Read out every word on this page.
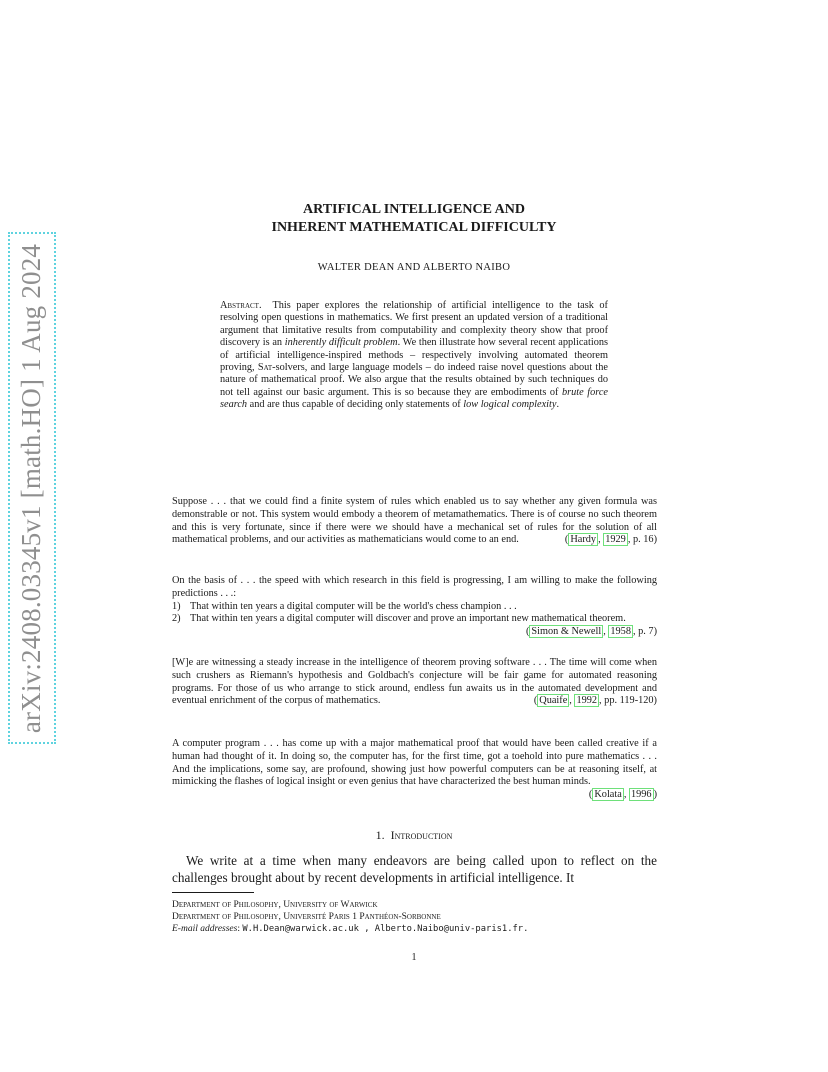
arXiv:2408.03345v1 [math.HO] 1 Aug 2024
ARTIFICAL INTELLIGENCE AND
INHERENT MATHEMATICAL DIFFICULTY
WALTER DEAN AND ALBERTO NAIBO

Abstract. This paper explores the relationship of artificial intelligence to the task of resolving open questions in mathematics. We first present an updated version of a traditional argument that limitative results from computability and complexity theory show that proof discovery is an inherently difficult problem. We then illustrate how several recent applications of artificial intelligence-inspired methods – respectively involving automated theorem proving, Sat-solvers, and large language models – do indeed raise novel questions about the nature of mathematical proof. We also argue that the results obtained by such techniques do not tell against our basic argument. This is so because they are embodiments of brute force search and are thus capable of deciding only statements of low logical complexity.

Suppose . . . that we could find a finite system of rules which enabled us to say whether any given formula was demonstrable or not. This system would embody a theorem of metamathematics. There is of course no such theorem and this is very fortunate, since if there were we should have a mechanical set of rules for the solution of all mathematical problems, and our activities as mathematicians would come to an end.	( Hardy , 1929 , p. 16)

On the basis of . . . the speed with which research in this field is progressing, I am willing to make the following predictions . . .:
1) That within ten years a digital computer will be the world's chess champion . . .
2) That within ten years a digital computer will discover and prove an important new mathematical theorem.
( Simon & Newell , 1958 , p. 7)

[W]e are witnessing a steady increase in the intelligence of theorem proving software . . . The time will come when such crushers as Riemann's hypothesis and Goldbach's conjecture will be fair game for automated reasoning programs. For those of us who arrange to stick around, endless fun awaits us in the automated development and eventual enrichment of the corpus of mathematics.	( Quaife , 1992 , pp. 119-120)

A computer program . . . has come up with a major mathematical proof that would have been called creative if a human had thought of it. In doing so, the computer has, for the first time, got a toehold into pure mathematics . . . And the implications, some say, are profound, showing just how powerful computers can be at reasoning itself, at mimicking the flashes of logical insight or even genius that have characterized the best human minds.
( Kolata , 1996 )

1. Introduction

We write at a time when many endeavors are being called upon to reflect on the challenges brought about by recent developments in artificial intelligence. It

Department of Philosophy, University of Warwick

Department of Philosophy, Université Paris 1 Panthéon-Sorbonne

E-mail addresses: W.H.Dean@warwick.ac.uk , Alberto.Naibo@univ-paris1.fr.

1
